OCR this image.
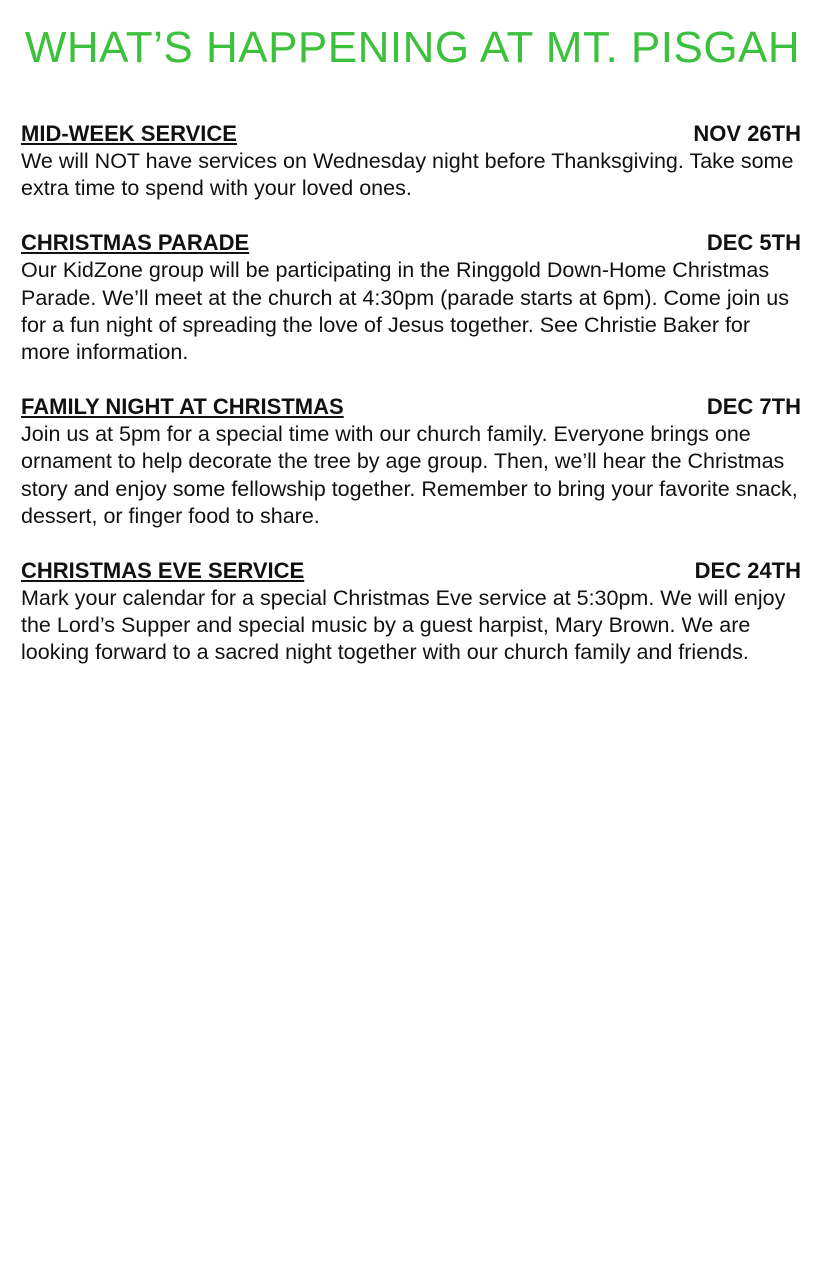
WHAT’S HAPPENING AT MT. PISGAH
MID-WEEK SERVICE	NOV 26TH

We will NOT have services on Wednesday night before Thanksgiving. Take some extra time to spend with your loved ones.

CHRISTMAS PARADE	DEC 5TH

Our KidZone group will be participating in the Ringgold Down-Home Christmas Parade. We’ll meet at the church at 4:30pm (parade starts at 6pm). Come join us for a fun night of spreading the love of Jesus together. See Christie Baker for more information.

FAMILY NIGHT AT CHRISTMAS	DEC 7TH

Join us at 5pm for a special time with our church family. Everyone brings one ornament to help decorate the tree by age group. Then, we’ll hear the Christmas story and enjoy some fellowship together. Remember to bring your favorite snack, dessert, or finger food to share.

CHRISTMAS EVE SERVICE	DEC 24TH

Mark your calendar for a special Christmas Eve service at 5:30pm. We will enjoy the Lord’s Supper and special music by a guest harpist, Mary Brown. We are looking forward to a sacred night together with our church family and friends.
